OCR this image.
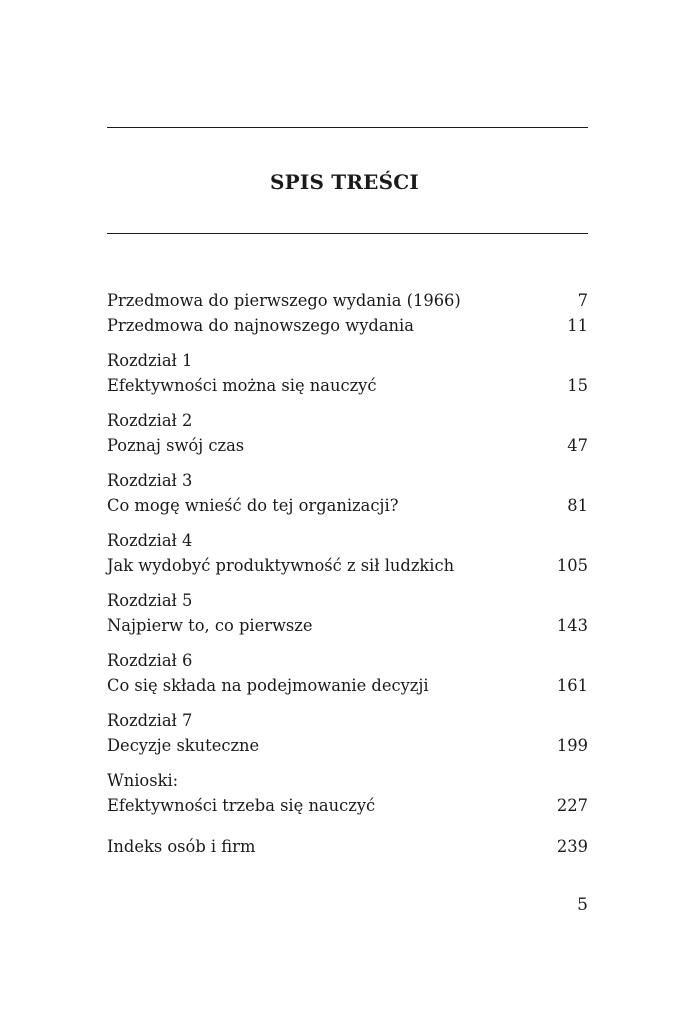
SPIS TREŚCI
Przedmowa do pierwszego wydania (1966)	7
Przedmowa do najnowszego wydania	11
Rozdział 1
Efektywności można się nauczyć	15
Rozdział 2
Poznaj swój czas	47
Rozdział 3
Co mogę wnieść do tej organizacji?	81
Rozdział 4
Jak wydobyć produktywność z sił ludzkich	105
Rozdział 5
Najpierw to, co pierwsze	143
Rozdział 6
Co się składa na podejmowanie decyzji	161
Rozdział 7
Decyzje skuteczne	199
Wnioski:
Efektywności trzeba się nauczyć	227
Indeks osób i firm	239
5
